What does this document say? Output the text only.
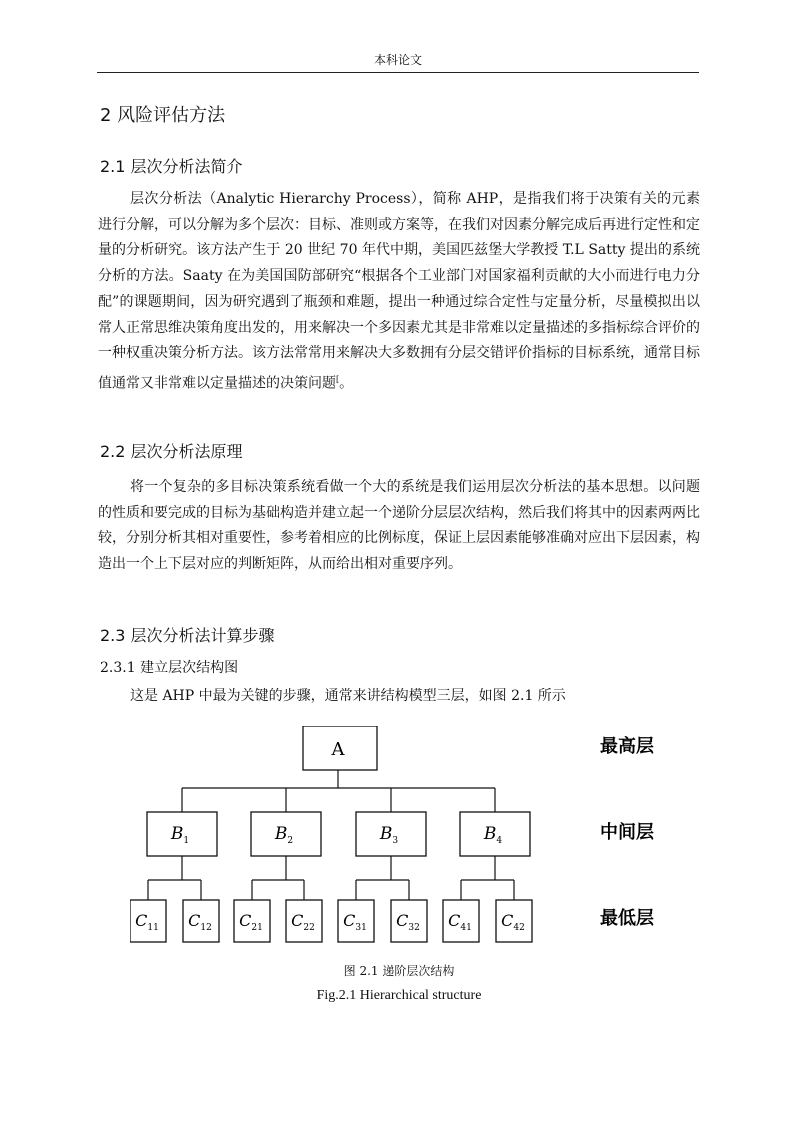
本科论文
2 风险评估方法
2.1 层次分析法简介
层次分析法（Analytic Hierarchy Process），简称 AHP，是指我们将于决策有关的元素进行分解，可以分解为多个层次：目标、准则或方案等，在我们对因素分解完成后再进行定性和定量的分析研究。该方法产生于 20 世纪 70 年代中期，美国匹兹堡大学教授 T.L Satty 提出的系统分析的方法。Saaty 在为美国国防部研究“根据各个工业部门对国家福利贡献的大小而进行电力分配”的课题期间，因为研究遇到了瓶颈和难题，提出一种通过综合定性与定量分析，尽量模拟出以常人正常思维决策角度出发的，用来解决一个多因素尤其是非常难以定量描述的多指标综合评价的一种权重决策分析方法。该方法常常用来解决大多数拥有分层交错评价指标的目标系统，通常目标值通常又非常难以定量描述的决策问题[。
2.2 层次分析法原理
将一个复杂的多目标决策系统看做一个大的系统是我们运用层次分析法的基本思想。以问题的性质和要完成的目标为基础构造并建立起一个递阶分层层次结构，然后我们将其中的因素两两比较，分别分析其相对重要性，参考着相应的比例标度，保证上层因素能够准确对应出下层因素，构造出一个上下层对应的判断矩阵，从而给出相对重要序列。
2.3 层次分析法计算步骤
2.3.1 建立层次结构图
这是 AHP 中最为关键的步骤，通常来讲结构模型三层，如图 2.1 所示
A
$B_1$	$B_2$	$B_3$	$B_4$
$C_{11}$ $C_{12}$ $C_{21}$ $C_{22}$ $C_{31}$ $C_{32}$ $C_{41}$ $C_{42}$
最高层
中间层
最低层
图 2.1 递阶层次结构
Fig.2.1 Hierarchical structure
